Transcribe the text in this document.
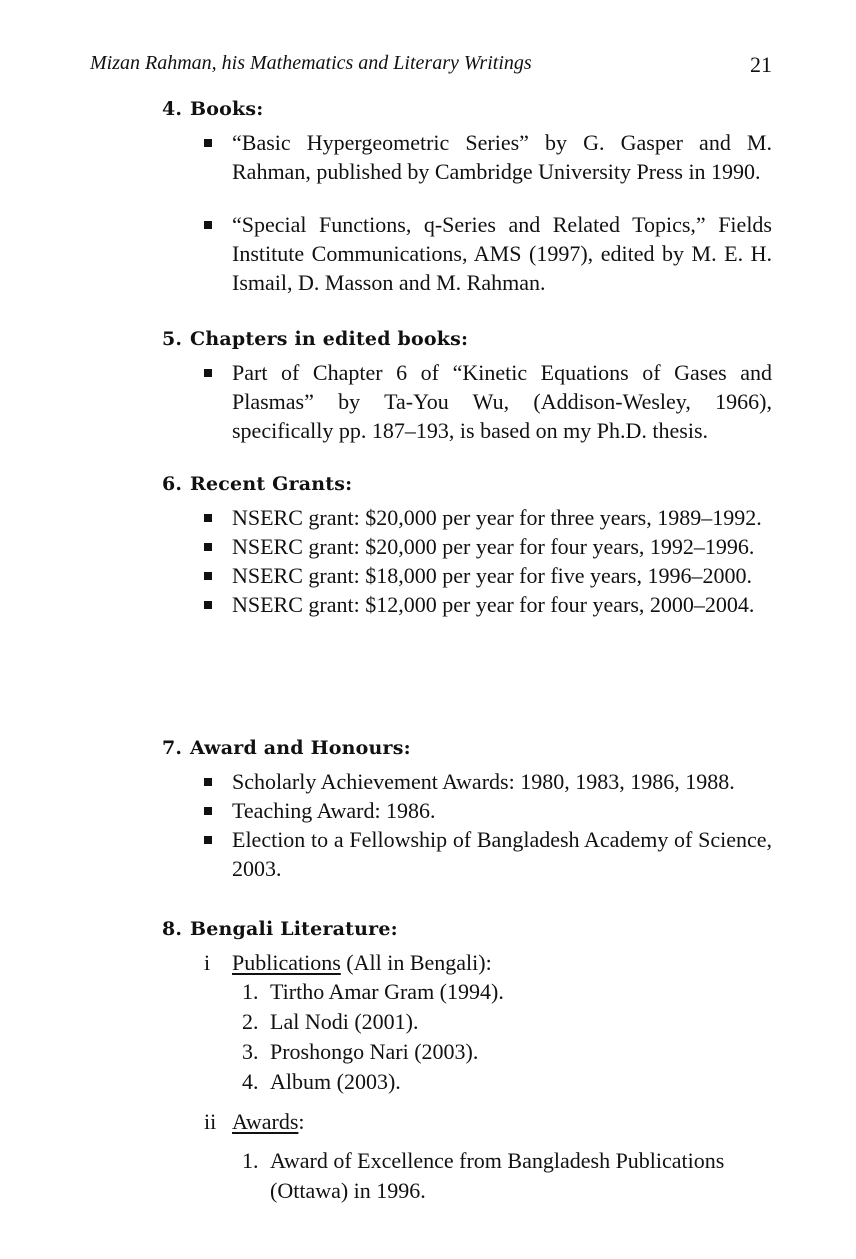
Mizan Rahman, his Mathematics and Literary Writings	21
4. Books:
“Basic Hypergeometric Series” by G. Gasper and M. Rahman, published by Cambridge University Press in 1990.
“Special Functions, q-Series and Related Topics,” Fields Institute Communications, AMS (1997), edited by M. E. H. Ismail, D. Masson and M. Rahman.
5. Chapters in edited books:
Part of Chapter 6 of “Kinetic Equations of Gases and Plasmas” by Ta-You Wu, (Addison-Wesley, 1966), specifically pp. 187–193, is based on my Ph.D. thesis.
6. Recent Grants:
NSERC grant: $20,000 per year for three years, 1989–1992.
NSERC grant: $20,000 per year for four years, 1992–1996.
NSERC grant: $18,000 per year for five years, 1996–2000.
NSERC grant: $12,000 per year for four years, 2000–2004.
7. Award and Honours:
Scholarly Achievement Awards: 1980, 1983, 1986, 1988.
Teaching Award: 1986.
Election to a Fellowship of Bangladesh Academy of Science, 2003.
8. Bengali Literature:
i Publications (All in Bengali):
1. Tirtho Amar Gram (1994).
2. Lal Nodi (2001).
3. Proshongo Nari (2003).
4. Album (2003).
ii Awards:
1. Award of Excellence from Bangladesh Publications (Ottawa) in 1996.
